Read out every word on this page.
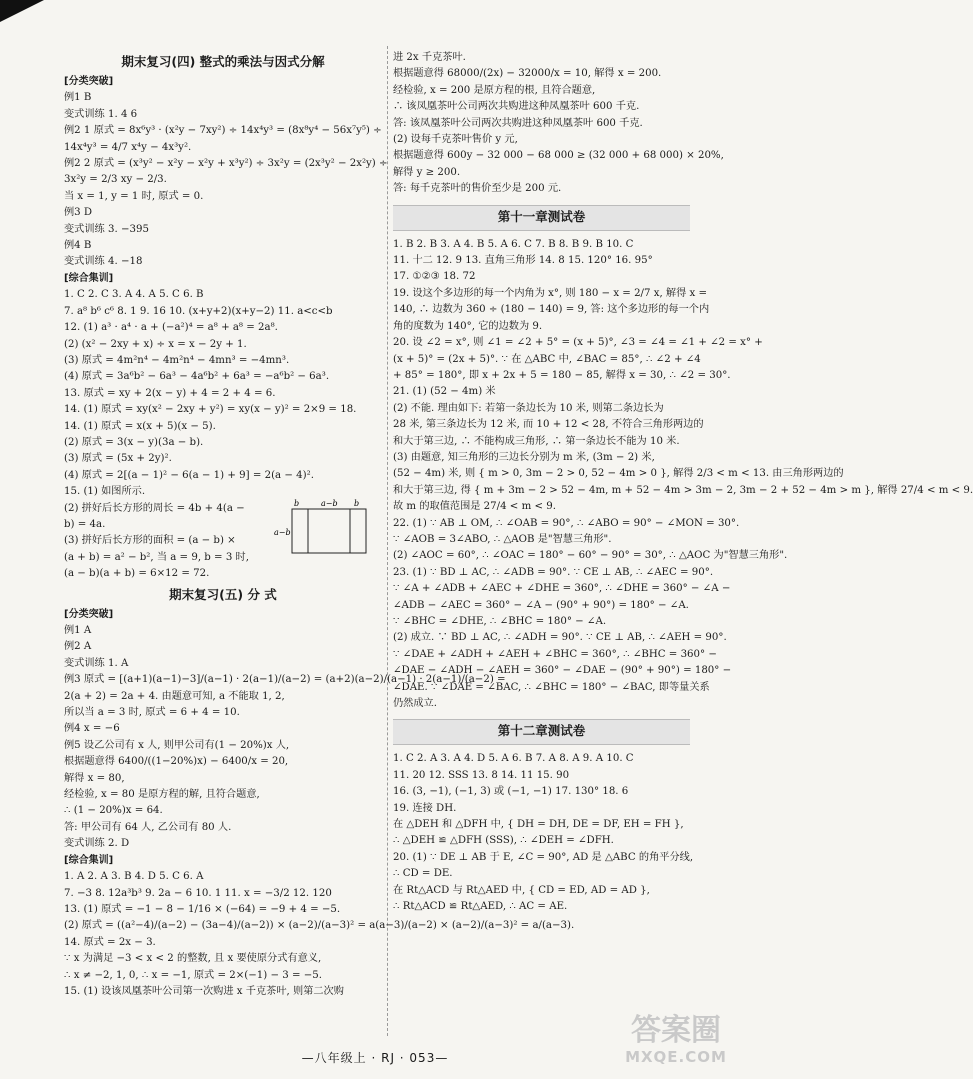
期末复习(四) 整式的乘法与因式分解
[分类突破]
例1 B
变式训练 1. 4 6
例2 1 原式 = 8x⁶y³ · (x²y − 7xy²) ÷ 14x⁴y³ = (8x⁸y⁴ − 56x⁷y⁵) ÷
14x⁴y³ = 4/7 x⁴y − 4x³y².
例2 2 原式 = (x³y² − x²y − x²y + x³y²) ÷ 3x²y = (2x³y² − 2x²y) ÷
3x²y = 2/3 xy − 2/3.
当 x = 1, y = 1 时, 原式 = 0.
例3 D
变式训练 3. −395
例4 B
变式训练 4. −18
[综合集训]
1. C 2. C 3. A 4. A 5. C 6. B
7. a⁸ b⁶ c⁶ 8. 1 9. 16 10. (x+y+2)(x+y−2) 11. a<c<b
12. (1) a³ · a⁴ · a + (−a²)⁴ = a⁸ + a⁸ = 2a⁸.
(2) (x² − 2xy + x) ÷ x = x − 2y + 1.
(3) 原式 = 4m²n⁴ − 4m²n⁴ − 4mn³ = −4mn³.
(4) 原式 = 3a⁶b² − 6a³ − 4a⁶b² + 6a³ = −a⁶b² − 6a³.
13. 原式 = xy + 2(x − y) + 4 = 2 + 4 = 6.
14. (1) 原式 = xy(x² − 2xy + y²) = xy(x − y)² = 2×9 = 18.
14. (1) 原式 = x(x + 5)(x − 5).
(2) 原式 = 3(x − y)(3a − b).
(3) 原式 = (5x + 2y)².
(4) 原式 = 2[(a − 1)² − 6(a − 1) + 9] = 2(a − 4)².
15. (1) 如图所示.
b	a−b b
a−b
(2) 拼好后长方形的周长 = 4b + 4(a −
b) = 4a.
(3) 拼好后长方形的面积 = (a − b) ×
(a + b) = a² − b², 当 a = 9, b = 3 时,
(a − b)(a + b) = 6×12 = 72.
期末复习(五) 分 式
[分类突破]
例1 A
例2 A
变式训练 1. A
例3 原式 = [(a+1)(a−1)−3]/(a−1) · 2(a−1)/(a−2) = (a+2)(a−2)/(a−1) · 2(a−1)/(a−2) =
2(a + 2) = 2a + 4. 由题意可知, a 不能取 1, 2,
所以当 a = 3 时, 原式 = 6 + 4 = 10.
例4 x = −6
例5 设乙公司有 x 人, 则甲公司有(1 − 20%)x 人,
根据题意得 6400/((1−20%)x) − 6400/x = 20,
解得 x = 80,
经检验, x = 80 是原方程的解, 且符合题意,
∴ (1 − 20%)x = 64.
答: 甲公司有 64 人, 乙公司有 80 人.
变式训练 2. D
[综合集训]
1. A 2. A 3. B 4. D 5. C 6. A
7. −3 8. 12a³b³ 9. 2a − 6 10. 1 11. x = −3/2 12. 120
13. (1) 原式 = −1 − 8 − 1/16 × (−64) = −9 + 4 = −5.
(2) 原式 = ((a²−4)/(a−2) − (3a−4)/(a−2)) × (a−2)/(a−3)² = a(a−3)/(a−2) × (a−2)/(a−3)² = a/(a−3).
14. 原式 = 2x − 3.
∵ x 为满足 −3 < x < 2 的整数, 且 x 要使原分式有意义,
∴ x ≠ −2, 1, 0, ∴ x = −1, 原式 = 2×(−1) − 3 = −5.
15. (1) 设该凤凰茶叶公司第一次购进 x 千克茶叶, 则第二次购
进 2x 千克茶叶.
根据题意得 68000/(2x) − 32000/x = 10, 解得 x = 200.
经检验, x = 200 是原方程的根, 且符合题意,
∴ 该凤凰茶叶公司两次共购进这种凤凰茶叶 600 千克.
答: 该凤凰茶叶公司两次共购进这种凤凰茶叶 600 千克.
(2) 设每千克茶叶售价 y 元,
根据题意得 600y − 32 000 − 68 000 ≥ (32 000 + 68 000) × 20%,
解得 y ≥ 200.
答: 每千克茶叶的售价至少是 200 元.
第十一章测试卷
1. B 2. B 3. A 4. B 5. A 6. C 7. B 8. B 9. B 10. C
11. 十二 12. 9 13. 直角三角形 14. 8 15. 120° 16. 95°
17. ①②③ 18. 72
19. 设这个多边形的每一个内角为 x°, 则 180 − x = 2/7 x, 解得 x =
140, ∴ 边数为 360 ÷ (180 − 140) = 9, 答: 这个多边形的每一个内
角的度数为 140°, 它的边数为 9.
20. 设 ∠2 = x°, 则 ∠1 = ∠2 + 5° = (x + 5)°, ∠3 = ∠4 = ∠1 + ∠2 = x° +
(x + 5)° = (2x + 5)°. ∵ 在 △ABC 中, ∠BAC = 85°, ∴ ∠2 + ∠4
+ 85° = 180°, 即 x + 2x + 5 = 180 − 85, 解得 x = 30, ∴ ∠2 = 30°.
21. (1) (52 − 4m) 米
(2) 不能. 理由如下: 若第一条边长为 10 米, 则第二条边长为
28 米, 第三条边长为 12 米, 而 10 + 12 < 28, 不符合三角形两边的
和大于第三边, ∴ 不能构成三角形, ∴ 第一条边长不能为 10 米.
(3) 由题意, 知三角形的三边长分别为 m 米, (3m − 2) 米,
(52 − 4m) 米, 则 { m > 0, 3m − 2 > 0, 52 − 4m > 0 }, 解得 2/3 < m < 13. 由三角形两边的
和大于第三边, 得 { m + 3m − 2 > 52 − 4m, m + 52 − 4m > 3m − 2, 3m − 2 + 52 − 4m > m }, 解得 27/4 < m < 9.
故 m 的取值范围是 27/4 < m < 9.
22. (1) ∵ AB ⊥ OM, ∴ ∠OAB = 90°, ∴ ∠ABO = 90° − ∠MON = 30°.
∵ ∠AOB = 3∠ABO, ∴ △AOB 是"智慧三角形".
(2) ∠AOC = 60°, ∴ ∠OAC = 180° − 60° − 90° = 30°, ∴ △AOC 为"智慧三角形".
23. (1) ∵ BD ⊥ AC, ∴ ∠ADB = 90°. ∵ CE ⊥ AB, ∴ ∠AEC = 90°.
∵ ∠A + ∠ADB + ∠AEC + ∠DHE = 360°, ∴ ∠DHE = 360° − ∠A −
∠ADB − ∠AEC = 360° − ∠A − (90° + 90°) = 180° − ∠A.
∵ ∠BHC = ∠DHE, ∴ ∠BHC = 180° − ∠A.
(2) 成立. ∵ BD ⊥ AC, ∴ ∠ADH = 90°. ∵ CE ⊥ AB, ∴ ∠AEH = 90°.
∵ ∠DAE + ∠ADH + ∠AEH + ∠BHC = 360°, ∴ ∠BHC = 360° −
∠DAE − ∠ADH − ∠AEH = 360° − ∠DAE − (90° + 90°) = 180° −
∠DAE. ∵ ∠DAE = ∠BAC, ∴ ∠BHC = 180° − ∠BAC, 即等量关系
仍然成立.
第十二章测试卷
1. C 2. A 3. A 4. D 5. A 6. B 7. A 8. A 9. A 10. C
11. 20 12. SSS 13. 8 14. 11 15. 90
16. (3, −1), (−1, 3) 或 (−1, −1) 17. 130° 18. 6
19. 连接 DH.
在 △DEH 和 △DFH 中, { DH = DH, DE = DF, EH = FH },
∴ △DEH ≌ △DFH (SSS), ∴ ∠DEH = ∠DFH.
20. (1) ∵ DE ⊥ AB 于 E, ∠C = 90°, AD 是 △ABC 的角平分线,
∴ CD = DE.
在 Rt△ACD 与 Rt△AED 中, { CD = ED, AD = AD },
∴ Rt△ACD ≌ Rt△AED, ∴ AC = AE.
—八年级上 · RJ · 053—
答案圈
MXQE.COM
